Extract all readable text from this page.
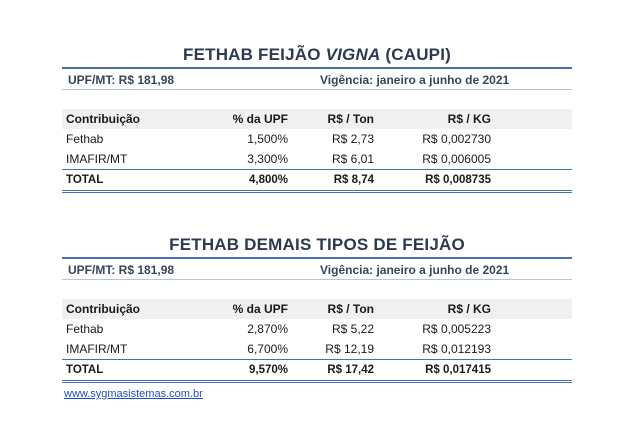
FETHAB FEIJÃO VIGNA (CAUPI)
UPF/MT: R$ 181,98	Vigência: janeiro a junho de 2021
Contribuição	% da UPF	R$ / Ton	R$ / KG	
Fethab	1,500%	R$ 2,73	R$ 0,002730	
IMAFIR/MT	3,300%	R$ 6,01	R$ 0,006005	
TOTAL	4,800%	R$ 8,74	R$ 0,008735	
FETHAB DEMAIS TIPOS DE FEIJÃO
UPF/MT: R$ 181,98	Vigência: janeiro a junho de 2021
Contribuição	% da UPF	R$ / Ton	R$ / KG	
Fethab	2,870%	R$ 5,22	R$ 0,005223	
IMAFIR/MT	6,700%	R$ 12,19	R$ 0,012193	
TOTAL	9,570%	R$ 17,42	R$ 0,017415	
www.sygmasistemas.com.br
